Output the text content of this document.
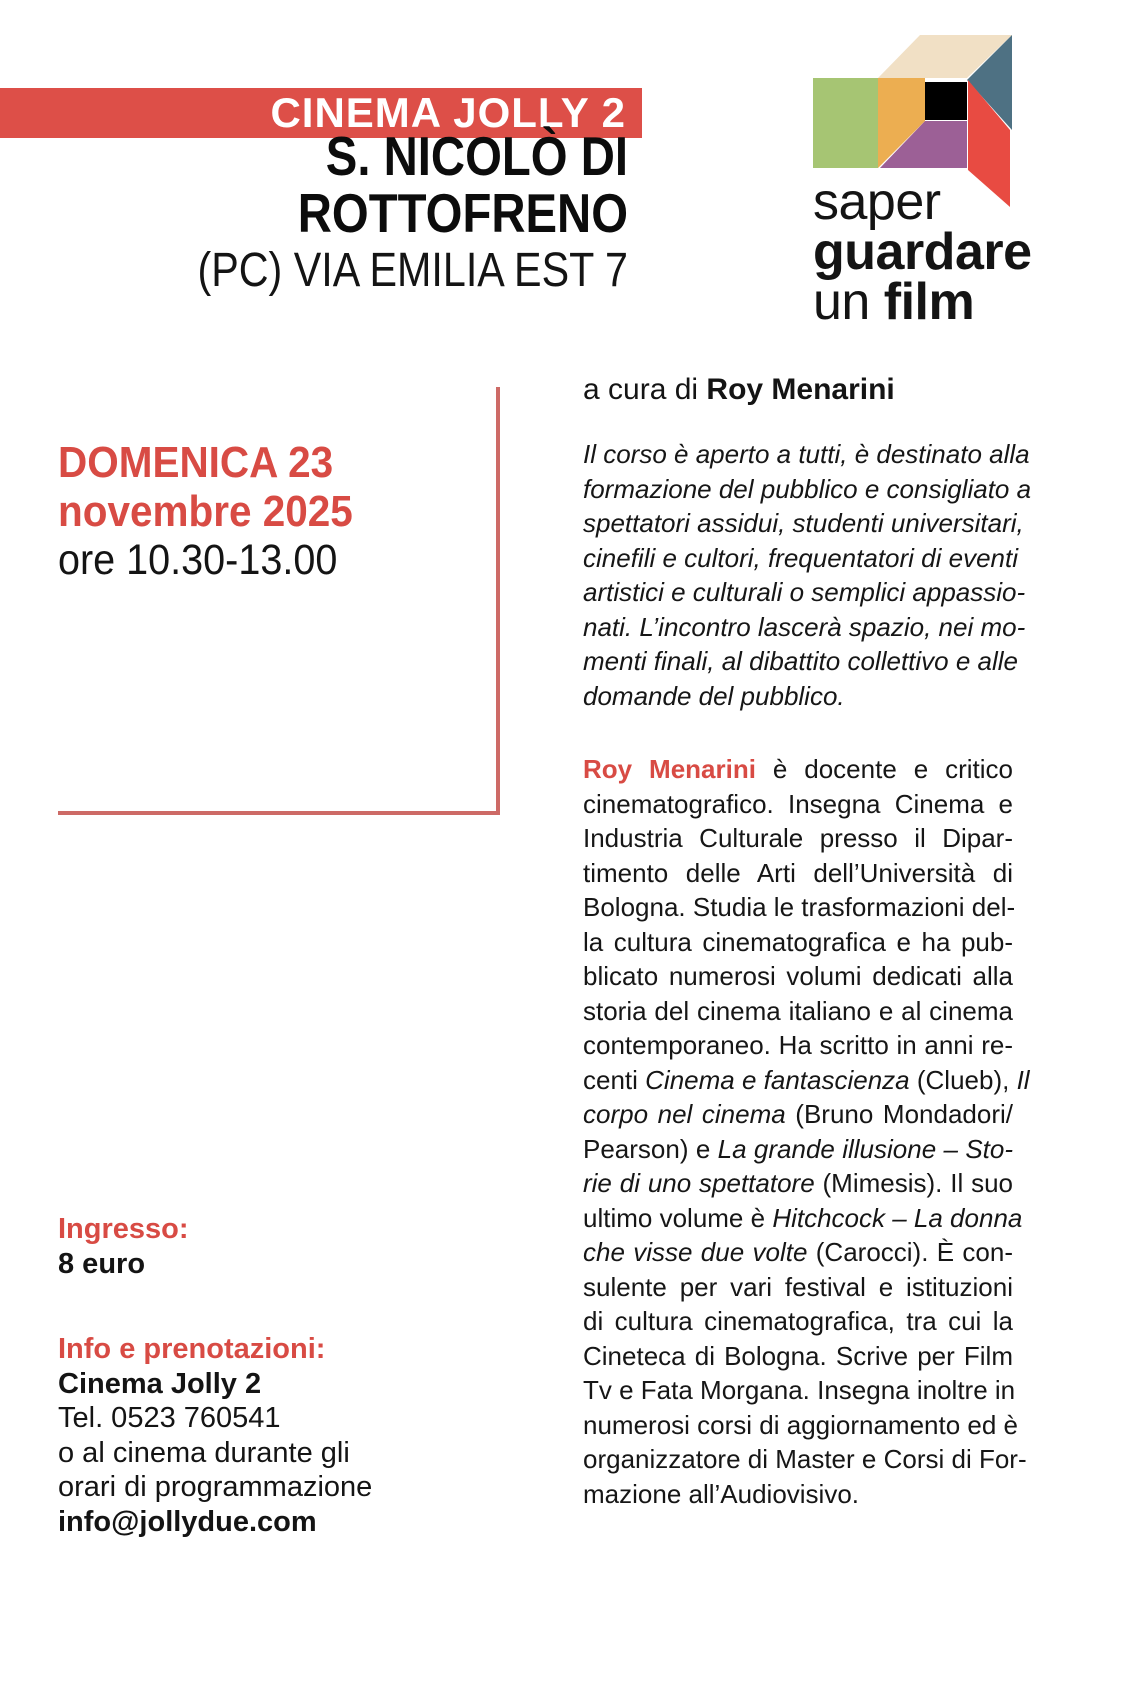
CINEMA JOLLY 2
S. NICOLÒ DI
ROTTOFRENO
(PC) VIA EMILIA EST 7
saper
guardare
un film
DOMENICA 23
novembre 2025
ore 10.30-13.00
a cura di Roy Menarini
Il corso è aperto a tutti, è destinato alla
formazione del pubblico e consigliato a
spettatori assidui, studenti universitari,
cinefili e cultori, frequentatori di eventi
artistici e culturali o semplici appassio-
nati. L’incontro lascerà spazio, nei mo-
menti finali, al dibattito collettivo e alle
domande del pubblico.
Roy Menarini è docente e critico
cinematografico. Insegna Cinema e
Industria Culturale presso il Dipar-
timento delle Arti dell’Università di
Bologna. Studia le trasformazioni del-
la cultura cinematografica e ha pub-
blicato numerosi volumi dedicati alla
storia del cinema italiano e al cinema
contemporaneo. Ha scritto in anni re-
centi Cinema e fantascienza (Clueb), Il
corpo nel cinema (Bruno Mondadori/
Pearson) e La grande illusione – Sto-
rie di uno spettatore (Mimesis). Il suo
ultimo volume è Hitchcock – La donna
che visse due volte (Carocci). È con-
sulente per vari festival e istituzioni
di cultura cinematografica, tra cui la
Cineteca di Bologna. Scrive per Film
Tv e Fata Morgana. Insegna inoltre in
numerosi corsi di aggiornamento ed è
organizzatore di Master e Corsi di For-
mazione all’Audiovisivo.
Ingresso:
8 euro
Info e prenotazioni:
Cinema Jolly 2
Tel. 0523 760541
o al cinema durante gli
orari di programmazione
info@jollydue.com
